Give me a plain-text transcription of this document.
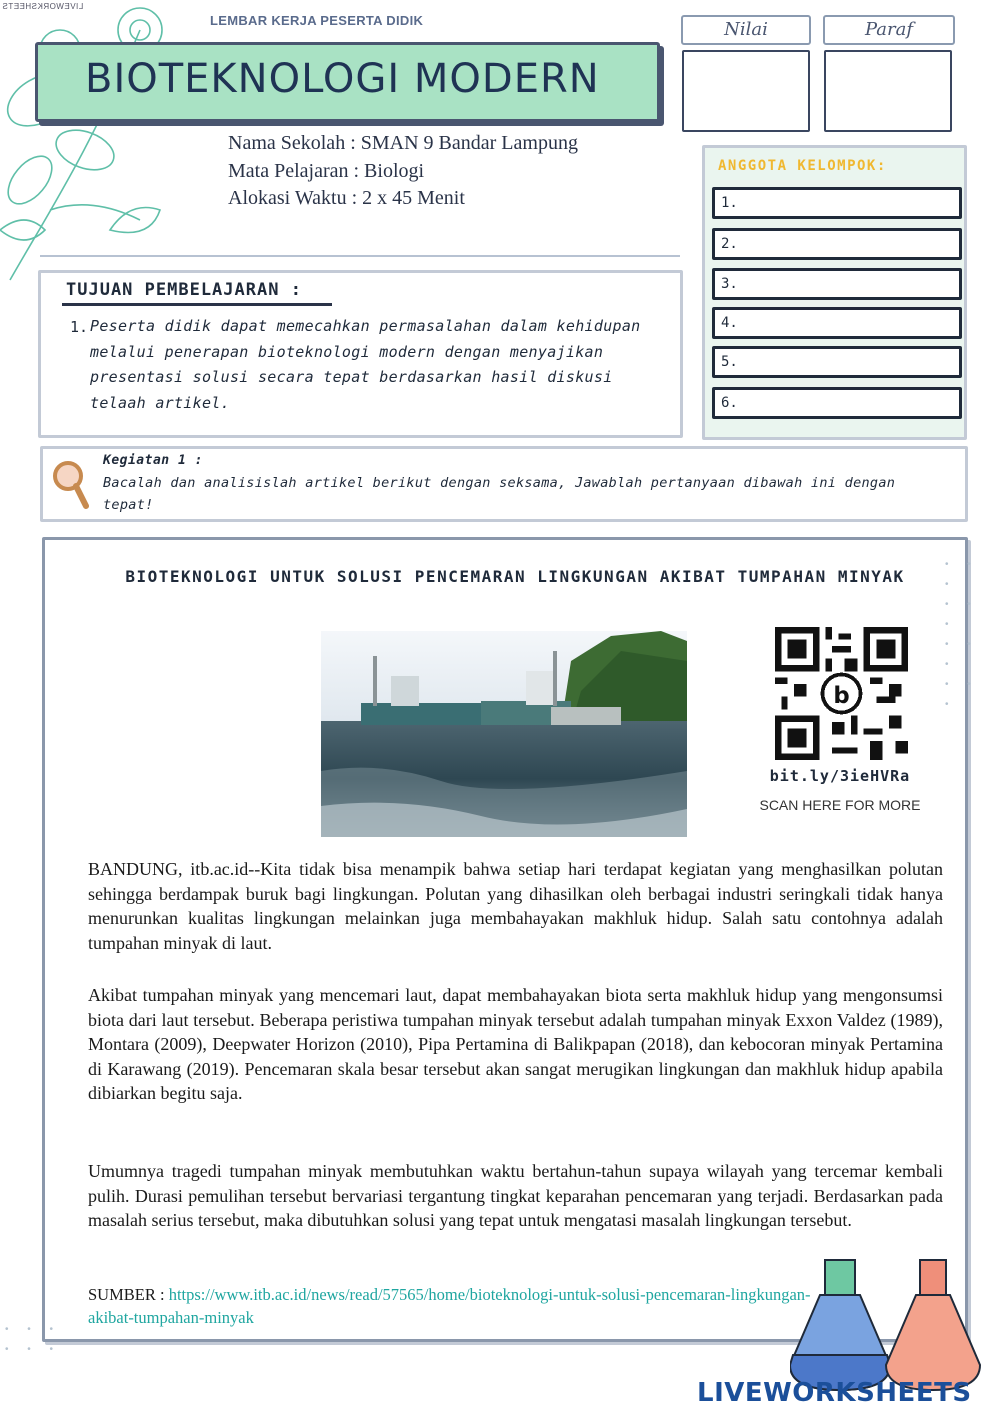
LIVEWORKSHEETS
LEMBAR KERJA PESERTA DIDIK
BIOTEKNOLOGI MODERN
Nilai	Paraf
Nama Sekolah : SMAN 9 Bandar Lampung
Mata Pelajaran : Biologi
Alokasi Waktu : 2 x 45 Menit
TUJUAN PEMBELAJARAN :
1. Peserta didik dapat memecahkan permasalahan dalam kehidupan melalui penerapan bioteknologi modern dengan menyajikan presentasi solusi secara tepat berdasarkan hasil diskusi telaah artikel.
ANGGOTA KELOMPOK:
1.
2.
3.
4.
5.
6.
Kegiatan 1 :
Bacalah dan analisislah artikel berikut dengan seksama, Jawablah pertanyaan dibawah ini dengan tepat!
BIOTEKNOLOGI UNTUK SOLUSI PENCEMARAN LINGKUNGAN AKIBAT TUMPAHAN MINYAK
b
bit.ly/3ieHVRa
SCAN HERE FOR MORE
BANDUNG, itb.ac.id--Kita tidak bisa menampik bahwa setiap hari terdapat kegiatan yang menghasilkan polutan sehingga berdampak buruk bagi lingkungan. Polutan yang dihasilkan oleh berbagai industri seringkali tidak hanya menurunkan kualitas lingkungan melainkan juga membahayakan makhluk hidup. Salah satu contohnya adalah tumpahan minyak di laut.
Akibat tumpahan minyak yang mencemari laut, dapat membahayakan biota serta makhluk hidup yang mengonsumsi biota dari laut tersebut. Beberapa peristiwa tumpahan minyak tersebut adalah tumpahan minyak Exxon Valdez (1989), Montara (2009), Deepwater Horizon (2010), Pipa Pertamina di Balikpapan (2018), dan kebocoran minyak Pertamina di Karawang (2019). Pencemaran skala besar tersebut akan sangat merugikan lingkungan dan makhluk hidup apabila dibiarkan begitu saja.
Umumnya tragedi tumpahan minyak membutuhkan waktu bertahun-tahun supaya wilayah yang tercemar kembali pulih. Durasi pemulihan tersebut bervariasi tergantung tingkat keparahan pencemaran yang terjadi. Berdasarkan pada masalah serius tersebut, maka dibutuhkan solusi yang tepat untuk mengatasi masalah lingkungan tersebut.
SUMBER : https://www.itb.ac.id/news/read/57565/home/bioteknologi-untuk-solusi-pencemaran-lingkungan-akibat-tumpahan-minyak
• • •
• • •
• • •
• • •
• • •
• • •
LIVEWORKSHEETS
